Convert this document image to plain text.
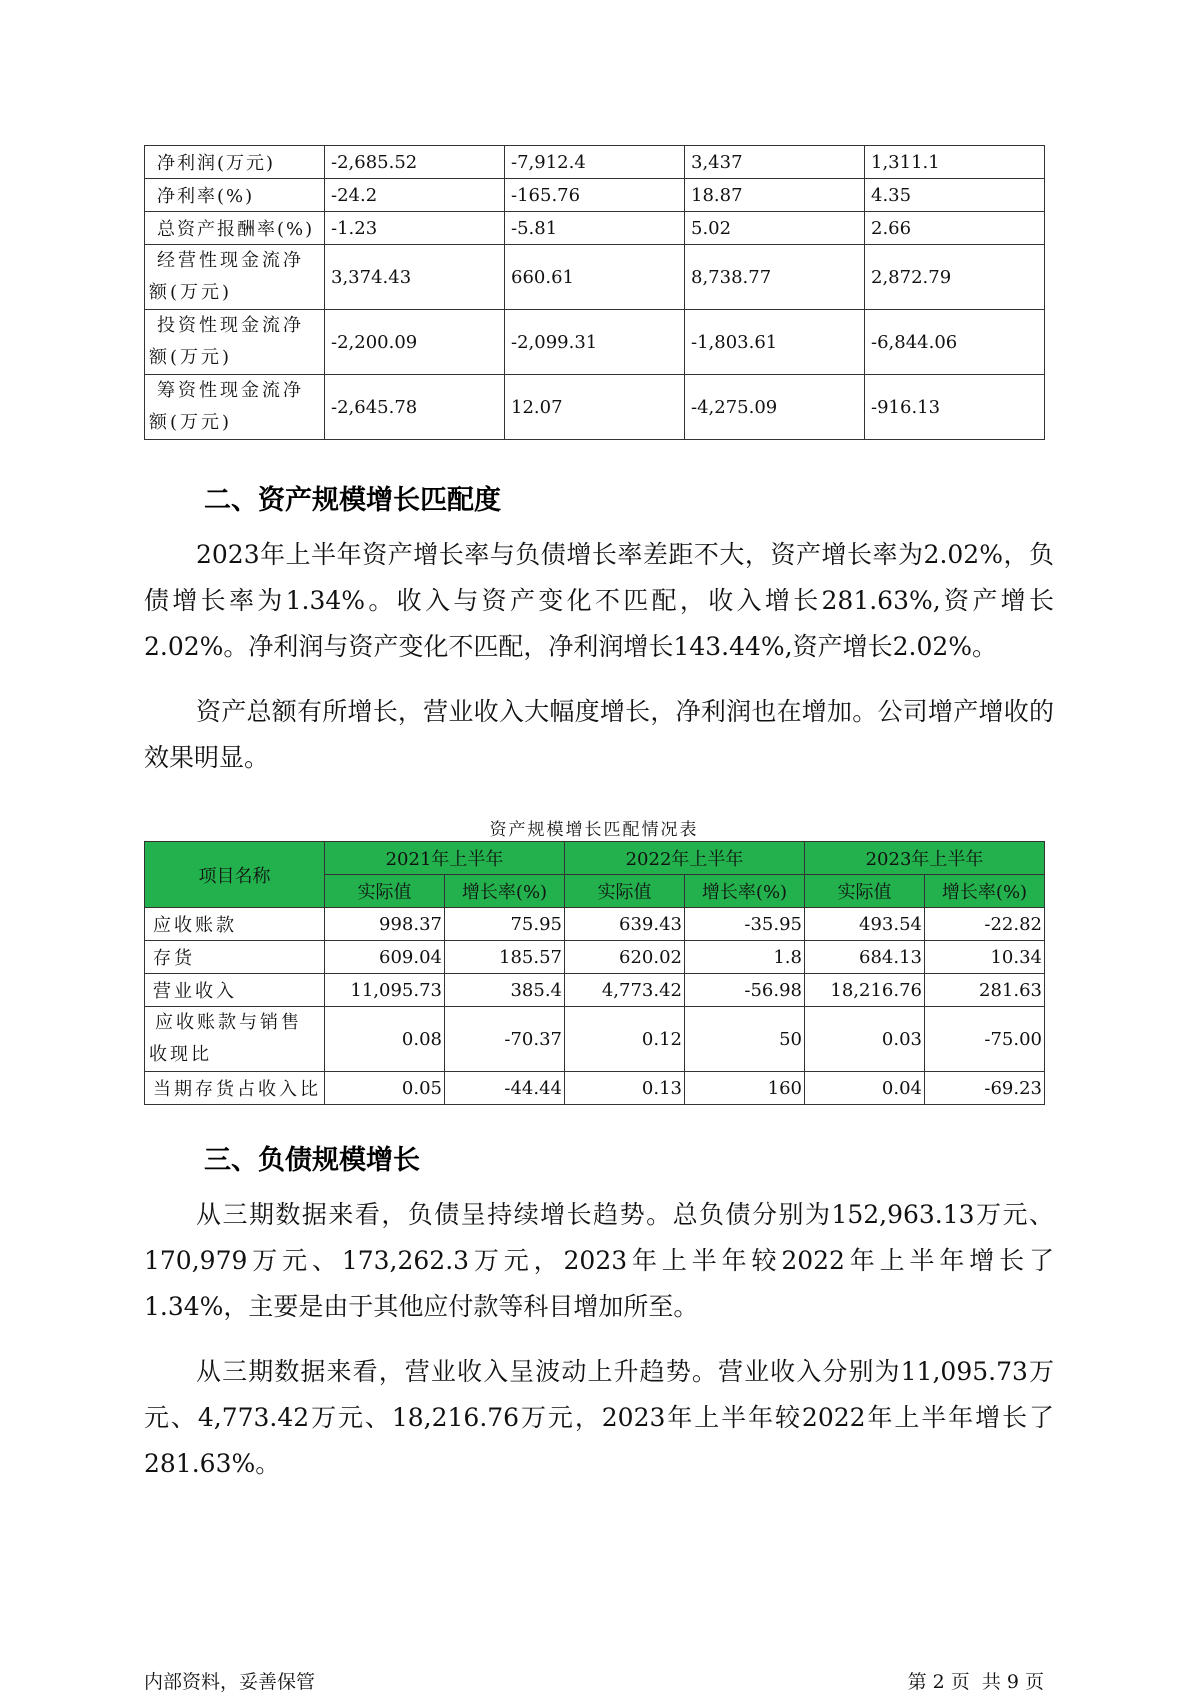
净利润(万元)	-2,685.52	-7,912.4	3,437	1,311.1
净利率(%)	-24.2	-165.76	18.87	4.35
总资产报酬率(%)	-1.23	-5.81	5.02	2.66
经营性现金流净额(万元)	3,374.43	660.61	8,738.77	2,872.79
投资性现金流净额(万元)	-2,200.09	-2,099.31	-1,803.61	-6,844.06
筹资性现金流净额(万元)	-2,645.78	12.07	-4,275.09	-916.13
二、资产规模增长匹配度

2023年上半年资产增长率与负债增长率差距不大，资产增长率为2.02%，负债增长率为1.34%。收入与资产变化不匹配，收入增长281.63%,资产增长2.02%。净利润与资产变化不匹配，净利润增长143.44%,资产增长2.02%。

资产总额有所增长，营业收入大幅度增长，净利润也在增加。公司增产增收的效果明显。

资产规模增长匹配情况表
项目名称	2021年上半年		2022年上半年		2023年上半年	
	实际值	增长率(%)	实际值	增长率(%)	实际值	增长率(%)
应收账款	998.37	75.95	639.43	-35.95	493.54	-22.82
存货	609.04	185.57	620.02	1.8	684.13	10.34
营业收入	11,095.73	385.4	4,773.42	-56.98	18,216.76	281.63
应收账款与销售收现比	0.08	-70.37	0.12	50	0.03	-75.00
当期存货占收入比	0.05	-44.44	0.13	160	0.04	-69.23
三、负债规模增长

从三期数据来看，负债呈持续增长趋势。总负债分别为152,963.13万元、170,979万元、173,262.3万元，2023年上半年较2022年上半年增长了1.34%，主要是由于其他应付款等科目增加所至。

从三期数据来看，营业收入呈波动上升趋势。营业收入分别为11,095.73万元、4,773.42万元、18,216.76万元，2023年上半年较2022年上半年增长了281.63%。

内部资料，妥善保管	第 2 页  共 9 页
